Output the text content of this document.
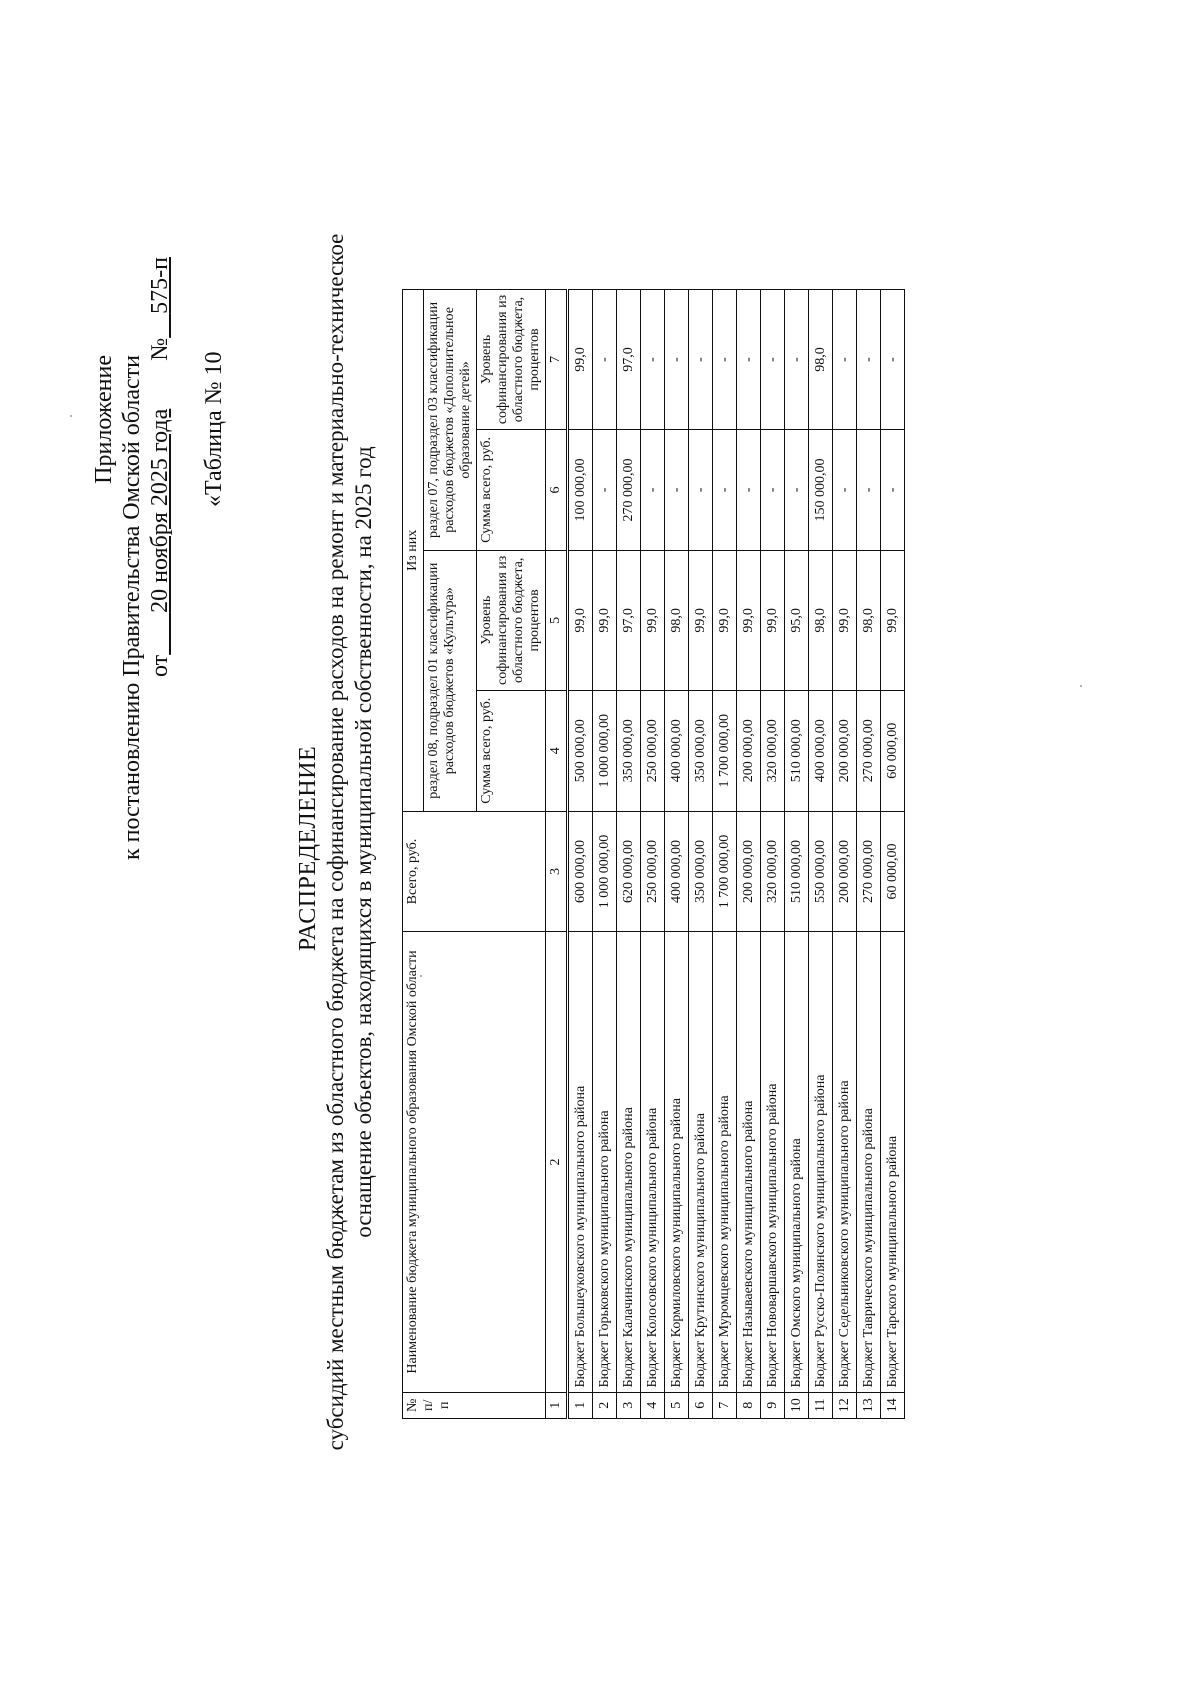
Приложение к постановлению Правительства Омской области от       20 ноября 2025 года        №    575-п
«Таблица № 10
РАСПРЕДЕЛЕНИЕ субсидий местным бюджетам из областного бюджета на софинансирование расходов на ремонт и материально-техническое оснащение объектов, находящихся в муниципальной собственности, на 2025 год
№ п/п	Наименование бюджета муниципального образования Омской области	Всего, руб.	Из них			
			раздел 08, подраздел 01 классификации расходов бюджетов «Культура»		раздел 07, подраздел 03 классификации расходов бюджетов «Дополнительное образование детей»	
			Сумма всего, руб.	Уровень софинансирования из областного бюджета, процентов	Сумма всего, руб.	Уровень софинансирования из областного бюджета, процентов
1	2	3	4	5	6	7
1	Бюджет Большеуковского муниципального района	600 000,00	500 000,00	99,0	100 000,00	99,0
2	Бюджет Горьковского муниципального района	1 000 000,00	1 000 000,00	99,0	-	-
3	Бюджет Калачинского муниципального района	620 000,00	350 000,00	97,0	270 000,00	97,0
4	Бюджет Колосовского муниципального района	250 000,00	250 000,00	99,0	-	-
5	Бюджет Кормиловского муниципального района	400 000,00	400 000,00	98,0	-	-
6	Бюджет Крутинского муниципального района	350 000,00	350 000,00	99,0	-	-
7	Бюджет Муромцевского муниципального района	1 700 000,00	1 700 000,00	99,0	-	-
8	Бюджет Называевского муниципального района	200 000,00	200 000,00	99,0	-	-
9	Бюджет Нововаршавского муниципального района	320 000,00	320 000,00	99,0	-	-
10	Бюджет Омского муниципального района	510 000,00	510 000,00	95,0	-	-
11	Бюджет Русско-Полянского муниципального района	550 000,00	400 000,00	98,0	150 000,00	98,0
12	Бюджет Седельниковского муниципального района	200 000,00	200 000,00	99,0	-	-
13	Бюджет Таврического муниципального района	270 000,00	270 000,00	98,0	-	-
14	Бюджет Тарского муниципального района	60 000,00	60 000,00	99,0	-	-
